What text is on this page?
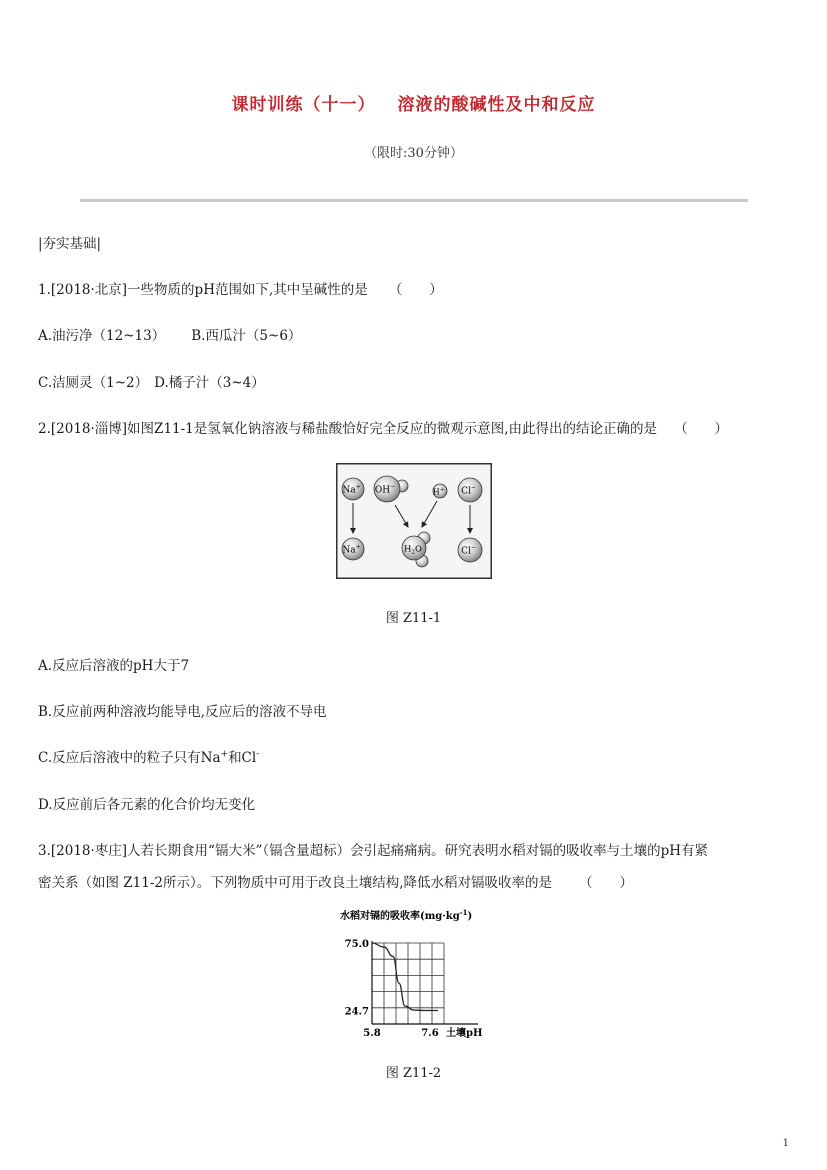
课时训练（十一） 溶液的酸碱性及中和反应
（限时:30分钟）
|夯实基础|
1.[2018·北京]一些物质的pH范围如下,其中呈碱性的是 （　　）
A.油污净（12~13） B.西瓜汁（5~6）
C.洁厕灵（1~2） D.橘子汁（3~4）
2.[2018·淄博]如图Z11-1是氢氧化钠溶液与稀盐酸恰好完全反应的微观示意图,由此得出的结论正确的是 （　　）
Na+ OH−
H+ Cl−
Na+	$H_2O$	Cl−
图 Z11-1
A.反应后溶液的pH大于7
B.反应前两种溶液均能导电,反应后的溶液不导电
C.反应后溶液中的粒子只有Na+和Cl-
D.反应前后各元素的化合价均无变化
3.[2018·枣庄]人若长期食用“镉大米”（镉含量超标）会引起痛痛病。研究表明水稻对镉的吸收率与土壤的pH有紧
密关系（如图 Z11-2所示）。下列物质中可用于改良土壤结构,降低水稻对镉吸收率的是 （　　）
水稻对镉的吸收率$(mg\cdot kg^{-1})$
75.0
24.7
5.8	7.6 土壤pH
图 Z11-2
1
